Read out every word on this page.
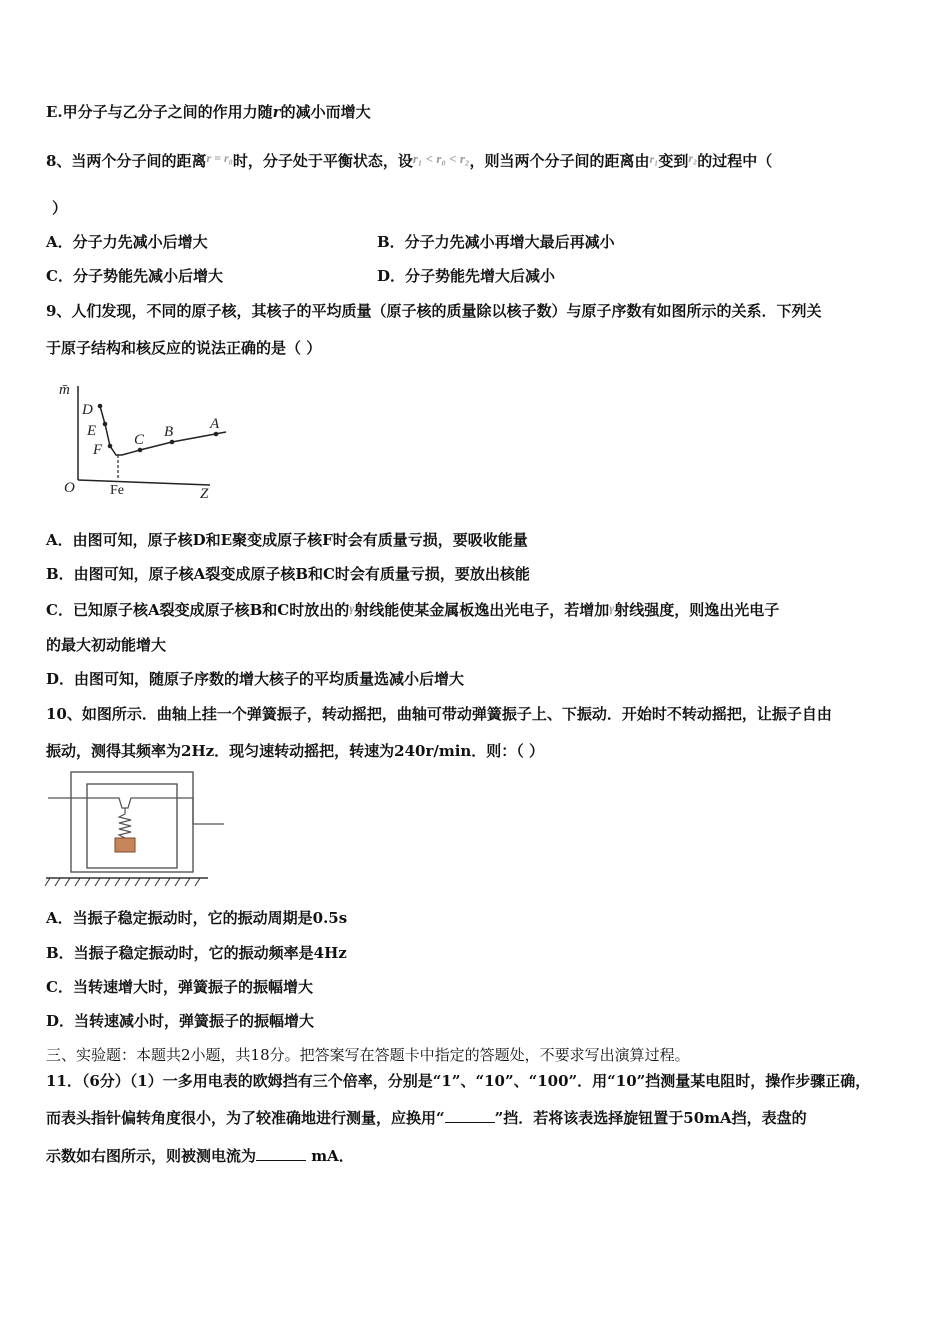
E.甲分子与乙分子之间的作用力随r的减小而增大
8、当两个分子间的距离$^{r = r_0}$时，分子处于平衡状态，设r₁ < r₀ < r₂，则当两个分子间的距离由$^{r_1}$变到$^{r_2}$的过程中（
）
A．分子力先减小后增大	B．分子力先减小再增大最后再减小
C．分子势能先减小后增大	D．分子势能先增大后减小
9、人们发现，不同的原子核，其核子的平均质量（原子核的质量除以核子数）与原子序数有如图所示的关系．下列关
于原子结构和核反应的说法正确的是（ ）
m̄
D
E
F
C B A
O	Z
Fe
A．由图可知，原子核D和E聚变成原子核F时会有质量亏损，要吸收能量
B．由图可知，原子核A裂变成原子核B和C时会有质量亏损，要放出核能
C．已知原子核A裂变成原子核B和C时放出的$^\gamma$射线能使某金属板逸出光电子，若增加$^\gamma$射线强度，则逸出光电子
的最大初动能增大
D．由图可知，随原子序数的增大核子的平均质量选减小后增大
10、如图所示．曲轴上挂一个弹簧振子，转动摇把，曲轴可带动弹簧振子上、下振动．开始时不转动摇把，让振子自由
振动，测得其频率为2Hz．现匀速转动摇把，转速为240r/min．则：（ ）
A．当振子稳定振动时，它的振动周期是0.5s
B．当振子稳定振动时，它的振动频率是4Hz
C．当转速增大时，弹簧振子的振幅增大
D．当转速减小时，弹簧振子的振幅增大
三、实验题：本题共2小题，共18分。把答案写在答题卡中指定的答题处，不要求写出演算过程。
11．（6分）（1）一多用电表的欧姆挡有三个倍率，分别是“1”、“10”、“100”．用“10”挡测量某电阻时，操作步骤正确，
而表头指针偏转角度很小，为了较准确地进行测量，应换用“	”挡．若将该表选择旋钮置于50mA挡，表盘的
示数如右图所示，则被测电流为	mA．
